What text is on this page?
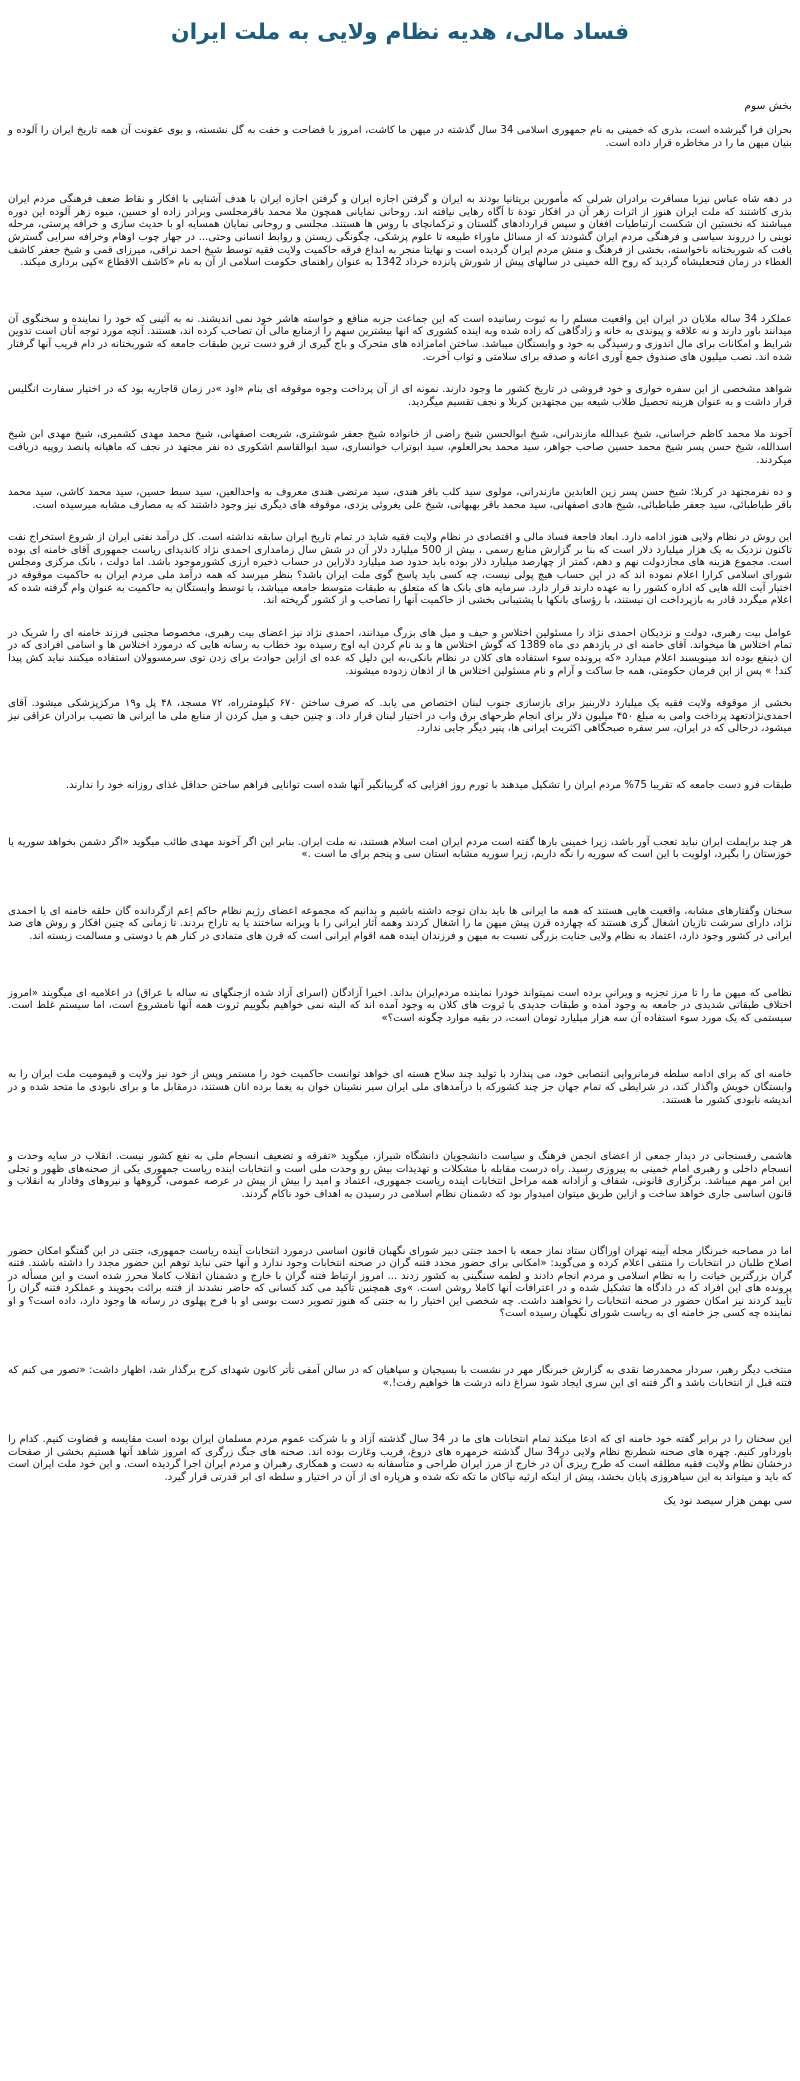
فساد مالی، هدیه نظام ولایی به ملت ایران

بخش سوم

بحران فرا گیرشده است، بذری که خمینی به نام جمهوری اسلامی 34 سال گذشته در میهن ما کاشت، امروز با فضاحت و خفت به گل نشسته، و بوی عفونت آن همه تاریخ ایران را آلوده و بنیان میهن ما را در مخاطره قرار داده است.

در دهه شاه عباس نیزبا مسافرت برادران شرلی که مأمورین بریتانیا بودند به ایران و گرفتن اجازه ایران و گرفتن اجازه ایران با هدف آشنایی با افکار و نقاط ضعف فرهنگی مردم ایران بذری کاشتند که ملت ایران هنوز از اثرات زهر آن در افکار تودة تا آگاه رهایی نیافته اند. روحانی نمایانی همچون ملا محمد باقرمجلسی وبرادر زاده او حسین، میوه زهر آلوده این دوره میباشند که نخستین ان شکست ارتباطیات افغان و سپس قراردادهای گلستان و ترکمانچای با روس ها هستند. مجلسی و روحانی نمایان همسایه او با حدیث سازی و خرافه پرستی، مرحله نوینی را درروند سیاسی و فرهنگی مردم ایران گشودند که از مسائل ماوراء طبیعه تا علوم پزشکی، چگونگی زیستن و روابط انسانی وحتی... در جهار چوب اوهام وخرافه سرایی گسترش یافت که شوربختانه ناخواسته، بخشی از فرهنگ و منش مردم ایران گردیده است و نهایتا منجر به ابداع فرقه حاکمیت ولایت فقیه توسط شیخ احمد نراقی، میرزای قمی و شیخ جعفر کاشف الغطاء در زمان فتحعلیشاه گردید که روح الله خمینی در سالهای پیش از شورش پانزده خرداد 1342 به عنوان راهنمای حکومت اسلامی از آن به نام «کاشف الاقطاع »کپی برداری میکند.

عملکرد 34 ساله ملایان در ایران این واقعیت مسلم را به ثبوت رسانیده است که این جماعت جزبه منافع و خواسته هاشر خود نمی اندیشند. نه به آئینی که خود را نماینده و سخنگوی آن میدانند باور دارند و نه علاقه و پیوندی به خانه و زادگاهی که زاده شده وبه اینده کشوری که انها بیشترین سهم را ازمنابع مالی آن تصاحب کرده اند، هستند. آنچه مورد توجه آنان است تدوین شرایط و امکانات برای مال اندوزی و رسیدگی به خود و وابستگان میباشد. ساختن امامزاده های متحرک و باج گیری از فرو دست ترین طبقات جامعه که شوربختانه در دام فریب آنها گرفتار شده اند. نصب میلیون های صندوق جمع آوری اعانه و صدقه برای سلامتی و ثواب آخرت.

شواهد مشخصی از این سفره خواری و خود فروشی در تاریخ کشور ما وجود دارند. نمونه ای از آن پرداخت وجوه موقوفه ای بنام «اود »در زمان قاجاریه بود که در اختیار سفارت انگلیس قرار داشت و به عنوان هزینه تحصیل طلاب شیعه بین مجتهدین کربلا و نجف تقسیم میگردید.

آخوند ملا محمد کاظم خراسانی، شیخ عبدالله مازندرانی، شیخ ابوالحسن شیخ راضی از خانواده شیخ جعفر شوشتری، شریعت اصفهانی، شیخ محمد مهدی کشمیری، شیخ مهدی ابن شیخ اسدالله، شیخ حسن پسر شیخ محمد حسین صاحب جواهر، سید محمد بحرالعلوم، سید ابوتراب خوانساری، سید ابوالقاسم اشکوری ده نفر مجتهد در نجف که ماهیانه پانصد روپیه دریافت میکردند.

و ده نفرمجتهد در کربلا: شیخ حسن پسر زین العابدین مازندرانی، مولوی سید کلب باقر هندی، سید مرتضی هندی معروف به واحدالعین، سید سبط حسین، سید محمد کاشی، سید محمد باقر طباطبائی، سید جعفر طباطبائی، شیخ هادی اصفهانی، سید محمد باقر بهبهانی، شیخ علی یغروئی یزدی، موقوفه های دیگری نیز وجود داشتند که به مصارف مشابه میرسیده است.

این روش در نظام ولایی هنوز ادامه دارد. ابعاد فاجعة فساد مالی و اقتصادی در نظام ولایت فقیه شاید در تمام تاریخ ایران سابقه نداشته است. کل درآمد نفتی ایران از شروع استخراج نفت تاکنون نزدیک به یک هزار میلیارد دلار است که بنا بر گزارش منابع رسمی ، بیش از 500 میلیارد دلار آن در شش سال زمامداری احمدی نژاد کاندیدای ریاست جمهوری آقای خامنه ای بوده است. مجموع هزینه های مجازدولت نهم و دهم، کمتر از چهارصد میلیارد دلار بوده باید حدود صد میلیارد دلاراین در حساب ذخیره ارزی کشورموجود باشد. اما دولت ، بانک مرکزی ومجلس شورای اسلامی کرارا اعلام نموده اند که در این حساب هیچ پولی نیست، چه کسی باید پاسخ گوی ملت ایران باشد؟ بنظر میرسد که همه درآمد ملی مردم ایران به حاکمیت موقوفه در اختیار آیت الله هایی که اداره کشور را به عهده دارند قرار دارد. سرمایه های بانک ها که متعلق به طبقات متوسط جامعه میباشد، با توسط وابستگان به حاکمیت به عنوان وام گرفته شده که اعلام میگردد قادر به بازپرداخت ان نیستند، با رؤسای بانکها با پشتیبانی بخشی از حاکمیت آنها را تصاحب و از کشور گریخته اند.

عوامل بیت رهبری، دولت و نزدیکان احمدی نژاد را مسئولین اختلاس و حیف و میل های بزرگ میدانند، احمدی نژاد نیز اعضای بیت رهبری، مخصوصا مجتبی فرزند خامنه ای را شریک در تمام اختلاس ها میخواند. آقای خامنه ای در یازدهم دی ماه 1389 که گوش اختلاس ها و بد نام کردن ایه اوج رسیده بود خطاب به رسانه هایی که درمورد اختلاس ها و اسامی افرادی که در ان ذینفع بوده اند مینویسند اعلام میدارد «که پرونده سوء استفاده های کلان در نظام بانکی،به این دلیل که عده ای ازاین حوادث برای زدن توی سرمسوولان استفاده میکنند نباید کش پیدا کند! » پس از این فرمان حکومتی، همه جا ساکت و آرام و نام مسئولین اختلاس ها از اذهان زدوده میشوند.

بخشی از موقوفه ولایت فقیه یک میلیارد دلاربنیز برای بازسازی جنوب لبنان اختصاص می یابد. که صرف ساختن ۶۷۰ کیلومترراه، ۷۲ مسجد، ۴۸ پل و۱۹ مرکزپزشکی میشود. آقای احمدی‌نژادتعهد پرداخت وامی به مبلغ ۴۵۰ میلیون دلار برای انجام طرحهای برق واب در اختیار لبنان قرار داد. و چنین حیف و میل کردن از منابع ملی ما ایرانی ها تصیب برادران عراقی نیز میشود، درحالی که در ایران، سر سفره صبحگاهی اکثریت ایرانی ها، پنیر دیگر جایی ندارد.

طبقات فرو دست جامعه که تقریبا 75% مردم ایران را تشکیل میدهند با تورم روز افزایی که گریبانگیر آنها شده است توانایی فراهم ساختن حداقل غذای روزانه خود را ندارند.

هر چند برایملت ایران نباید تعجب آور باشد، زیرا خمینی بارها گفته است مردم ایران امت اسلام هستند، نه ملت ایران. بنابر این اگر آخوند مهدی طائب میگوید «اگر دشمن بخواهد سوریه یا خوزستان را بگیرد، اولویت با این است که سوریه را نگه داریم، زیرا سوریه مشابه استان سی و پنجم برای ما است .»

سخنان وگفتارهای مشابه، واقعیت هایی هستند که همه ما ایرانی ها باید بدان توجه داشته باشیم و بدانیم که مجموعه اعضای رژیم نظام حاکم اِعم ازگردانده گان حلقه خامنه ای یا احمدی نژاد، دارای سرشت تازیان اشغال گری هستند که چهارده قرن پیش میهن ما را اشغال کردند وهمه آثار ایرانی را با ویرانه ساختند یا به تاراج بردند. تا زمانی که چنین افکار و روش های ضد ایرانی در کشور وجود دارد، اعتماد به نظام ولایی جنایت بزرگی نسبت به میهن و فرزندان اینده همه اقوام ایرانی است که قرن های متمادی در کنار هم با دوستی و مسالمت زیسته اند.

نظامی که میهن ما را تا مرز تجزیه و ویرانی برده است نمیتواند خودرا نماینده مردم‌ایران بداند. اخیرا آزادگان (اسرای آزاد شده ازجنگهای نه ساله با عراق) در اعلامیه ای میگویند «امروز اختلاف طبقاتی شدیدی در جامعه به وجود آمده و طبقات جدیدی با ثروت های کلان به وجود آمده اند که البته نمی خواهیم بگوییم ثروت همه آنها نامشروع است، اما سیستم غلط است. سیستمی که یک مورد سوء استفاده آن سه هزار میلیارد تومان است، در بقیه موارد چگونه است؟»

خامنه ای که برای ادامه سلطه فرمانروایی انتصابی خود، می پندارد با تولید چند سلاح هسته ای خواهد توانست حاکمیت خود را مستمر وپس از خود نیز ولایت و قیمومیت ملت ایران را به وابستگان خویش واگذار کند، در شرایطی که تمام جهان جز چند کشورکه با درآمدهای ملی ایران سیر نشینان خوان به یغما برده انان هستند، درمقابل ما و برای نابودی ما متحد شده و در اندیشه نابودی کشور ما هستند.

هاشمی رفسنجانی در دیدار جمعی از اعضای انجمن فرهنگ و سیاست دانشجویان دانشگاه شیراز، میگوید «تفرقه و تضعیف انسجام ملی به نفع کشور نیست. انقلاب در سایه وحدت و انسجام داخلی و رهبری امام خمینی به پیروزی رسید. راه درست مقابله با مشکلات و تهدیدات بیش رو وحدت ملی است و انتخابات اینده ریاست جمهوری یکی از صحنه‌های ظهور و تجلی این امر مهم میباشد. برگزاری قانونی، شفاف و آزادانه همه مراحل انتخابات اینده ریاست جمهوری، اعتماد و امید را بیش از پیش در عرصه عمومی، گروهها و نیروهای وفادار به انقلاب و قانون اساسی جاری خواهد ساخت و ازاین طریق میتوان امیدوار بود که دشمنان نظام اسلامی در رسیدن به اهداف خود ناکام گردند.

اما در مصاحبه خبرنگار مجله آیینه تهران اوراگان ستاد نماز جمعه با احمد جنتی دبیر شورای نگهبان قانون اساسی درمورد انتخابات آینده ریاست جمهوری، جنتی در این گفتگو امکان حضور اصلاح طلبان در انتخابات را منتفی اعلام کرده و می‌گوید: «امکانی برای حضور مجدد فتنه گران در صحنه انتخابات وجود ندارد و آنها حتی نباید توهم این حضور مجدد را داشته باشند. فتنه گران بزرگترین خیانت را به نظام اسلامی و مردم انجام دادند و لطمه سنگینی به کشور زدند ... امروز ارتباط فتنه گران با خارج و دشمنان انقلاب کاملا محرز شده است و این مسأله در پرونده های این افراد که در دادگاه ها تشکیل شده و در اعترافات آنها کاملا روشن است. »وی همچنین تأکید می کند کسانی که حاضر نشدند از فتنه برائت بجویند و عملکرد فتنه گران را تأیید کردند نیز امکان حضور در صحنه انتخابات را نخواهند داشت. چه شخصی این اختیار را به جنتی که هنوز تصویر دست بوسی او با فرح پهلوی در رسانه ها وجود دارد، داده است؟ و او نماینده چه کسی جز خامنه ای به ریاست شورای نگهبان رسیده است؟

منتخب دیگر رهبر، سردار محمدرضا نقدی به گزارش خبرنگار مهر در نشست با بسیجیان و سپاهیان که در سالن آمفی تأتر کانون شهدای کرج برگذار شد، اظهار داشت: «تصور می کنم که فتنه قبل از انتخابات باشد و اگر فتنه ای این سری ایجاد شود سراغ دانه درشت ها خواهیم رفت!.»

این سخنان را در برابر گفته خود خامنه ای که ادعا میکند تمام انتخابات های ما در 34 سال گذشته آزاد و با شرکت عموم مردم مسلمان ایران بوده است مقایسه و قضاوت کنیم. کدام را باورداور کنیم. چهره های صحنه شطرنج نظام ولایی در34 سال گذشته خرمهره های دروغ، فریب وغارت بوده اند. صحنه های جنگ زرگری که امروز شاهد آنها هستیم بخشی از صفحات درخشان نظام ولایت فقیه مطلقه است که طرح ریزی آن در خارج از مرز ایران طراحی و متأسفانه به دست و همکاری رهبران و مردم ایران اجرا گردیده است. و این خود ملت ایران است که باید و میتواند به این سیاهروزی پایان بخشد، پیش از اینکه ارثیه نیاکان ما تکه تکه شده و هرپاره ای از آن در اختیار و سلطه ای ابر قدرتی قرار گیرد.

سی بهمن هزار سیصد نود یک
